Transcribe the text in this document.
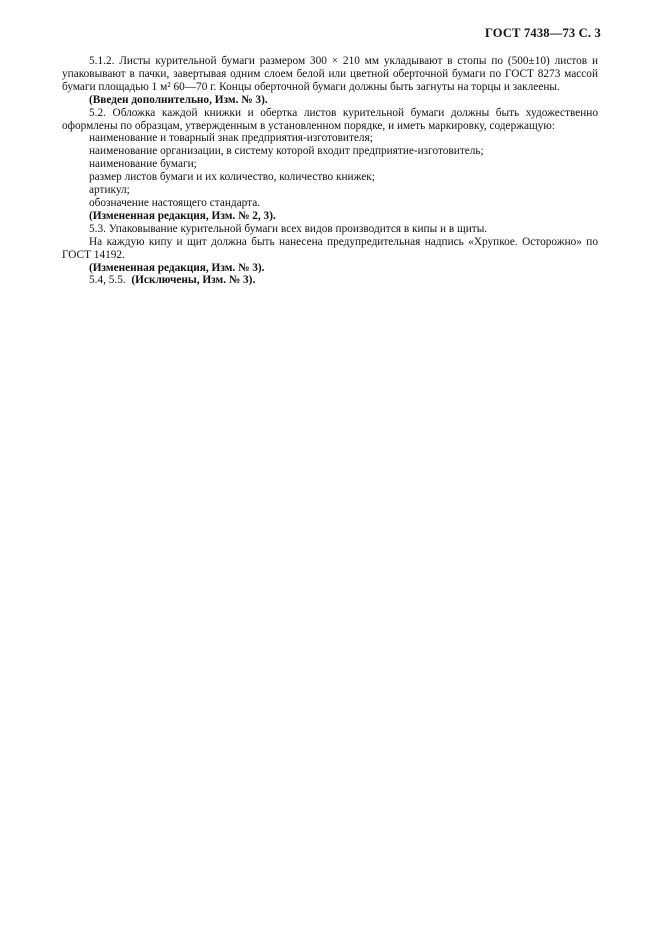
ГОСТ 7438—73 С. 3

5.1.2. Листы курительной бумаги размером 300 × 210 мм укладывают в стопы по (500±10) листов и упаковывают в пачки, завертывая одним слоем белой или цветной оберточной бумаги по ГОСТ 8273 массой бумаги площадью 1 м² 60—70 г. Концы оберточной бумаги должны быть загнуты на торцы и заклеены.

(Введен дополнительно, Изм. № 3).

5.2. Обложка каждой книжки и обертка листов курительной бумаги должны быть художественно оформлены по образцам, утвержденным в установленном порядке, и иметь маркировку, содержащую:

наименование и товарный знак предприятия-изготовителя;

наименование организации, в систему которой входит предприятие-изготовитель;

наименование бумаги;

размер листов бумаги и их количество, количество книжек;

артикул;

обозначение настоящего стандарта.

(Измененная редакция, Изм. № 2, 3).

5.3. Упаковывание курительной бумаги всех видов производится в кипы и в щиты.

На каждую кипу и щит должна быть нанесена предупредительная надпись «Хрупкое. Осторожно» по ГОСТ 14192.

(Измененная редакция, Изм. № 3).

5.4, 5.5. (Исключены, Изм. № 3).
